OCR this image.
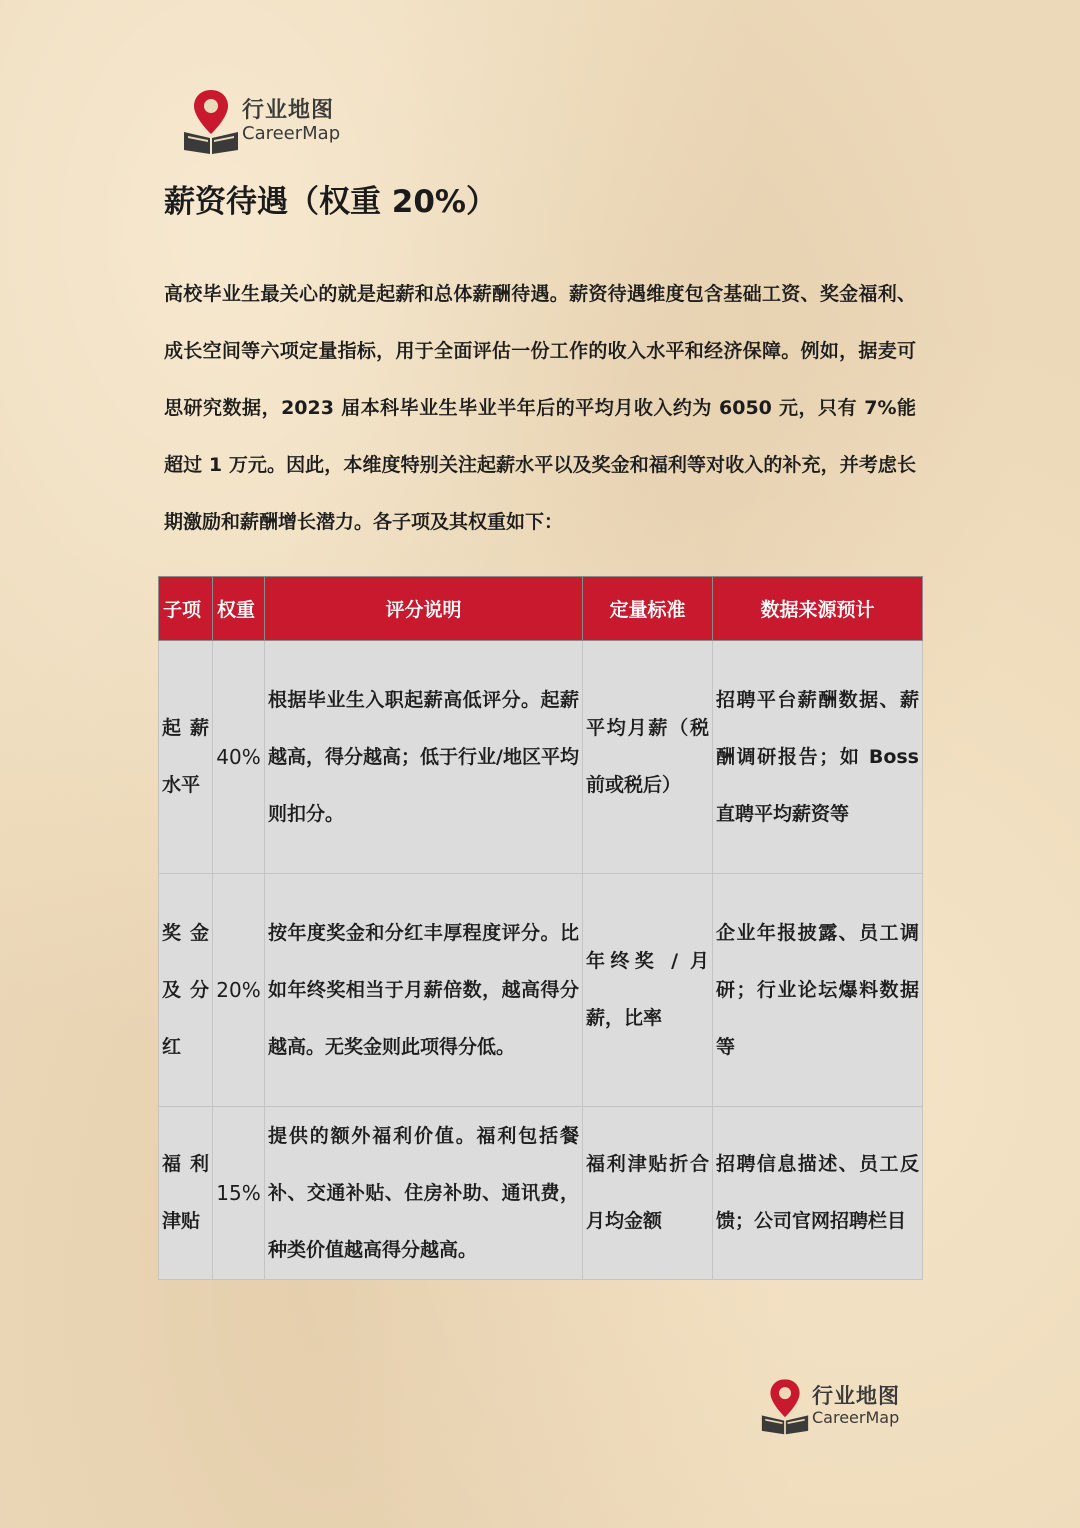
行业地图
CareerMap
薪资待遇（权重 20%）

高校毕业生最关心的就是起薪和总体薪酬待遇。薪资待遇维度包含基础工资、奖金福利、成长空间等六项定量指标，用于全面评估一份工作的收入水平和经济保障。例如，据麦可思研究数据，2023 届本科毕业生毕业半年后的平均月收入约为 6050 元，只有 7%能超过 1 万元。因此，本维度特别关注起薪水平以及奖金和福利等对收入的补充，并考虑长期激励和薪酬增长潜力。各子项及其权重如下：

子项	权重	评分说明	定量标准	数据来源预计
起薪水平	40%	根据毕业生入职起薪高低评分。起薪越高，得分越高；低于行业/地区平均则扣分。	平均月薪（税前或税后）	招聘平台薪酬数据、薪酬调研报告；如 Boss 直聘平均薪资等
奖金及分红	20%	按年度奖金和分红丰厚程度评分。比如年终奖相当于月薪倍数，越高得分越高。无奖金则此项得分低。	年终奖 / 月薪，比率	企业年报披露、员工调研；行业论坛爆料数据等
福利津贴	15%	提供的额外福利价值。福利包括餐补、交通补贴、住房补助、通讯费，种类价值越高得分越高。	福利津贴折合月均金额	招聘信息描述、员工反馈；公司官网招聘栏目
行业地图
CareerMap
